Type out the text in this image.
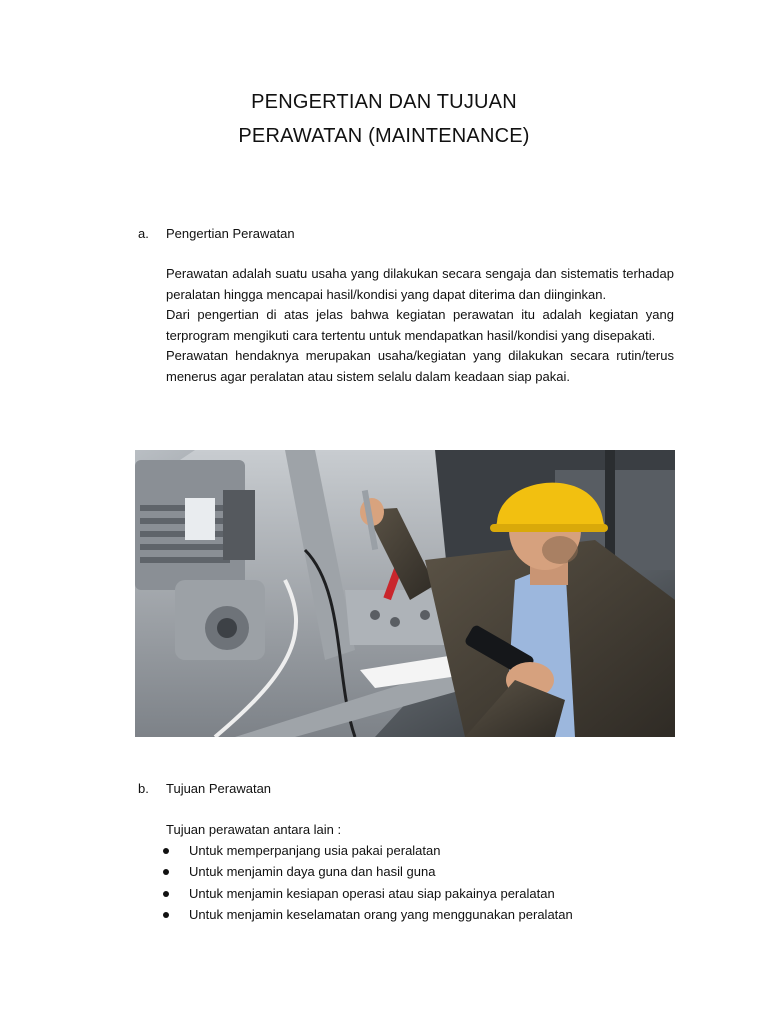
PENGERTIAN DAN TUJUAN
PERAWATAN (MAINTENANCE)
a. Pengertian Perawatan

Perawatan adalah suatu usaha yang dilakukan secara sengaja dan sistematis terhadap peralatan hingga mencapai hasil/kondisi yang dapat diterima dan diinginkan.

Dari pengertian di atas jelas bahwa kegiatan perawatan itu adalah kegiatan yang terprogram mengikuti cara tertentu untuk mendapatkan hasil/kondisi yang disepakati.

Perawatan hendaknya merupakan usaha/kegiatan yang dilakukan secara rutin/terus menerus agar peralatan atau sistem selalu dalam keadaan siap pakai.

b. Tujuan Perawatan
Tujuan perawatan antara lain :
Untuk memperpanjang usia pakai peralatan
Untuk menjamin daya guna dan hasil guna
Untuk menjamin kesiapan operasi atau siap pakainya peralatan
Untuk menjamin keselamatan orang yang menggunakan peralatan
